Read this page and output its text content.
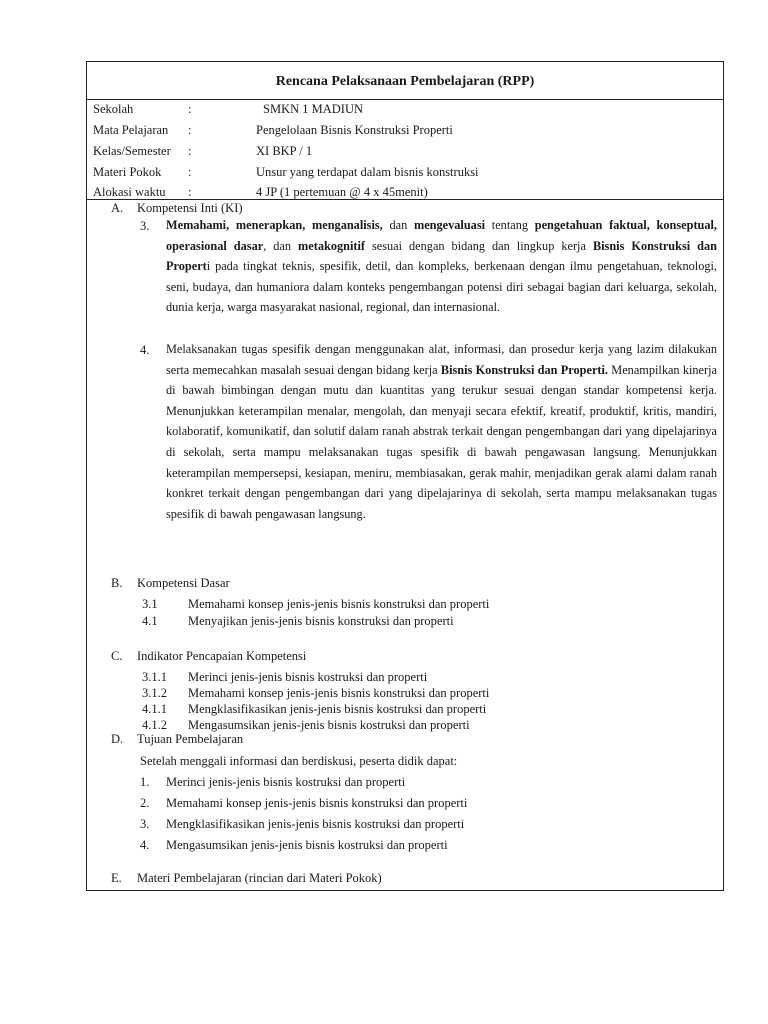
Rencana Pelaksanaan Pembelajaran (RPP)
Sekolah	:	SMKN 1 MADIUN
Mata Pelajaran :	Pengelolaan Bisnis Konstruksi Properti
Kelas/Semester :	XI BKP / 1
Materi Pokok :	Unsur yang terdapat dalam bisnis konstruksi
Alokasi waktu :	4 JP (1 pertemuan @ 4 x 45menit)
A. Kompetensi Inti (KI)
3. Memahami, menerapkan, menganalisis, dan mengevaluasi tentang pengetahuan faktual, konseptual, operasional dasar, dan metakognitif sesuai dengan bidang dan lingkup kerja Bisnis Konstruksi dan Properti pada tingkat teknis, spesifik, detil, dan kompleks, berkenaan dengan ilmu pengetahuan, teknologi, seni, budaya, dan humaniora dalam konteks pengembangan potensi diri sebagai bagian dari keluarga, sekolah, dunia kerja, warga masyarakat nasional, regional, dan internasional.
4. Melaksanakan tugas spesifik dengan menggunakan alat, informasi, dan prosedur kerja yang lazim dilakukan serta memecahkan masalah sesuai dengan bidang kerja Bisnis Konstruksi dan Properti. Menampilkan kinerja di bawah bimbingan dengan mutu dan kuantitas yang terukur sesuai dengan standar kompetensi kerja. Menunjukkan keterampilan menalar, mengolah, dan menyaji secara efektif, kreatif, produktif, kritis, mandiri, kolaboratif, komunikatif, dan solutif dalam ranah abstrak terkait dengan pengembangan dari yang dipelajarinya di sekolah, serta mampu melaksanakan tugas spesifik di bawah pengawasan langsung. Menunjukkan keterampilan mempersepsi, kesiapan, meniru, membiasakan, gerak mahir, menjadikan gerak alami dalam ranah konkret terkait dengan pengembangan dari yang dipelajarinya di sekolah, serta mampu melaksanakan tugas spesifik di bawah pengawasan langsung.
B. Kompetensi Dasar
3.1 Memahami konsep jenis-jenis bisnis konstruksi dan properti
4.1 Menyajikan jenis-jenis bisnis konstruksi dan properti
C. Indikator Pencapaian Kompetensi
3.1.1 Merinci jenis-jenis bisnis kostruksi dan properti
3.1.2 Memahami konsep jenis-jenis bisnis konstruksi dan properti
4.1.1 Mengklasifikasikan jenis-jenis bisnis kostruksi dan properti
4.1.2 Mengasumsikan jenis-jenis bisnis kostruksi dan properti
D. Tujuan Pembelajaran
Setelah menggali informasi dan berdiskusi, peserta didik dapat:
1. Merinci jenis-jenis bisnis kostruksi dan properti
2. Memahami konsep jenis-jenis bisnis konstruksi dan properti
3. Mengklasifikasikan jenis-jenis bisnis kostruksi dan properti
4. Mengasumsikan jenis-jenis bisnis kostruksi dan properti
E. Materi Pembelajaran (rincian dari Materi Pokok)
